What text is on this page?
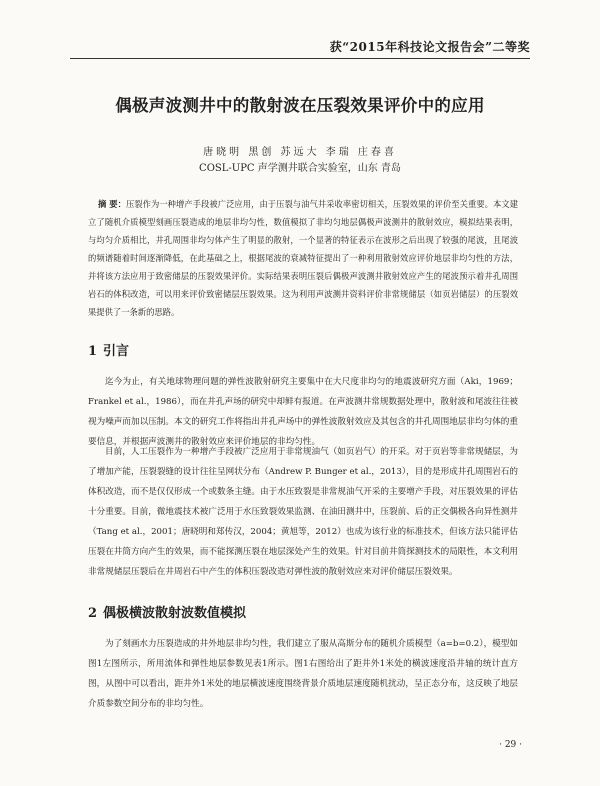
获“2015年科技论文报告会”二等奖
偶极声波测井中的散射波在压裂效果评价中的应用
唐晓明 黑创 苏远大 李瑞 庄春喜
COSL-UPC 声学测井联合实验室，山东 青岛
摘 要：压裂作为一种增产手段被广泛应用，由于压裂与油气井采收率密切相关，压裂效果的评价至关重要。本文建立了随机介质模型刻画压裂造成的地层非均匀性，数值模拟了非均匀地层偶极声波测井的散射效应，模拟结果表明，与均匀介质相比，井孔周围非均匀体产生了明显的散射，一个显著的特征表示在波形之后出现了较强的尾波，且尾波的频谱随着时间逐渐降低，在此基础之上，根据尾波的衰减特征提出了一种利用散射效应评价地层非均匀性的方法，并将该方法应用于致密储层的压裂效果评价。实际结果表明压裂后偶极声波测井散射效应产生的尾波预示着井孔周围岩石的体积改造，可以用来评价致密储层压裂效果。这为利用声波测井资料评价非常规储层（如页岩储层）的压裂效果提供了一条新的思路。
1 引言

迄今为止，有关地球物理问题的弹性波散射研究主要集中在大尺度非均匀的地震波研究方面（Aki，1969；Frankel et al.，1986），而在井孔声场的研究中却鲜有报道。在声波测井常规数据处理中，散射波和尾波往往被视为噪声而加以压制。本文的研究工作将指出井孔声场中的弹性波散射效应及其包含的井孔周围地层非均匀体的重要信息，并根据声波测井的散射效应来评价地层的非均匀性。

目前，人工压裂作为一种增产手段被广泛应用于非常规油气（如页岩气）的开采。对于页岩等非常规储层，为了增加产能，压裂裂缝的设计往往呈网状分布（Andrew P. Bunger et al.，2013），目的是形成井孔周围岩石的体积改造，而不是仅仅形成一个或数条主缝。由于水压致裂是非常规油气开采的主要增产手段，对压裂效果的评估十分重要。目前，微地震技术被广泛用于水压致裂效果监测、在油田测井中，压裂前、后的正交偶极各向异性测井（Tang et al.，2001；唐晓明和郑传汉，2004；黄旭等，2012）也成为该行业的标准技术，但该方法只能评估压裂在井筒方向产生的效果，而不能探测压裂在地层深处产生的效果。针对目前井筒探测技术的局限性，本文利用非常规储层压裂后在井周岩石中产生的体积压裂改造对弹性波的散射效应来对评价储层压裂效果。

2 偶极横波散射波数值模拟

为了刻画水力压裂造成的井外地层非均匀性，我们建立了服从高斯分布的随机介质模型（a=b=0.2），模型如图1左图所示，所用流体和弹性地层参数见表1所示。图1右图给出了距井外1米处的横波速度沿井轴的统计直方图，从图中可以看出，距井外1米处的地层横波速度围绕背景介质地层速度随机扰动，呈正态分布，这反映了地层介质参数空间分布的非均匀性。

· 29 ·
